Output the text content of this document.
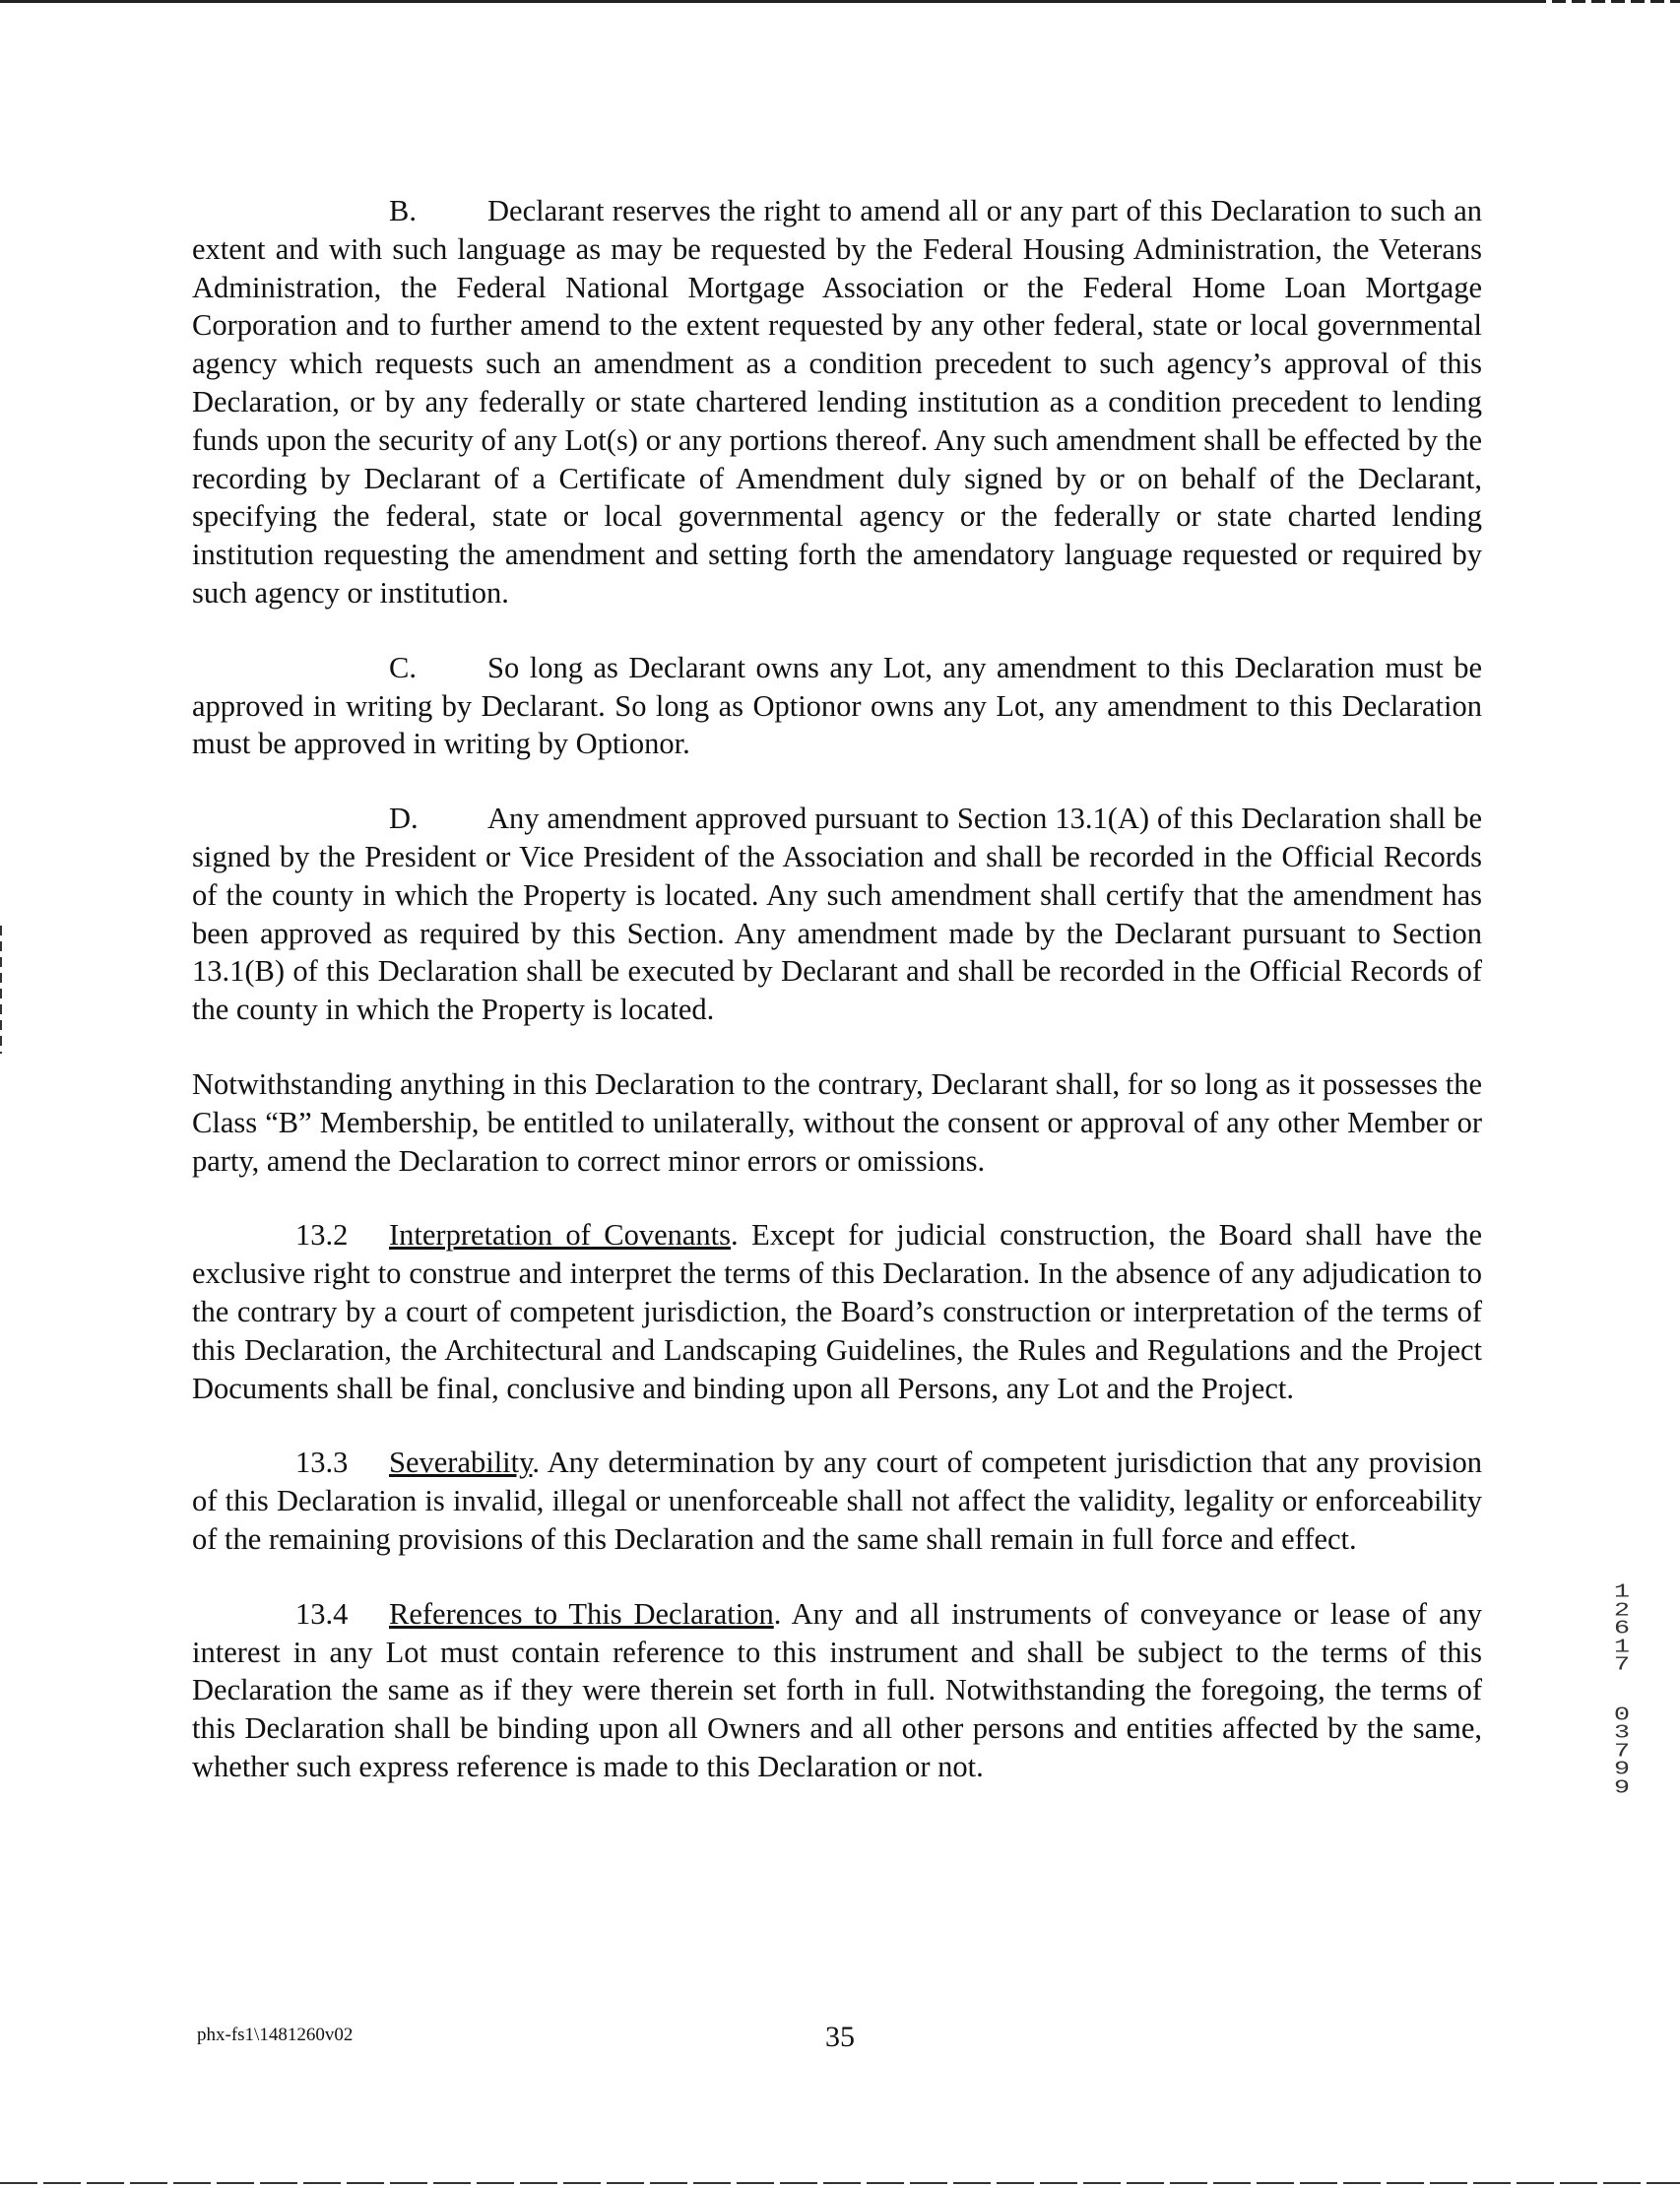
B. Declarant reserves the right to amend all or any part of this Declaration to such an extent and with such language as may be requested by the Federal Housing Administration, the Veterans Administration, the Federal National Mortgage Association or the Federal Home Loan Mortgage Corporation and to further amend to the extent requested by any other federal, state or local governmental agency which requests such an amendment as a condition precedent to such agency’s approval of this Declaration, or by any federally or state chartered lending institution as a condition precedent to lending funds upon the security of any Lot(s) or any portions thereof. Any such amendment shall be effected by the recording by Declarant of a Certificate of Amendment duly signed by or on behalf of the Declarant, specifying the federal, state or local governmental agency or the federally or state charted lending institution requesting the amendment and setting forth the amendatory language requested or required by such agency or institution.

C. So long as Declarant owns any Lot, any amendment to this Declaration must be approved in writing by Declarant. So long as Optionor owns any Lot, any amendment to this Declaration must be approved in writing by Optionor.

D. Any amendment approved pursuant to Section 13.1(A) of this Declaration shall be signed by the President or Vice President of the Association and shall be recorded in the Official Records of the county in which the Property is located. Any such amendment shall certify that the amendment has been approved as required by this Section. Any amendment made by the Declarant pursuant to Section 13.1(B) of this Declaration shall be executed by Declarant and shall be recorded in the Official Records of the county in which the Property is located.

Notwithstanding anything in this Declaration to the contrary, Declarant shall, for so long as it possesses the Class “B” Membership, be entitled to unilaterally, without the consent or approval of any other Member or party, amend the Declaration to correct minor errors or omissions.

13.2 Interpretation of Covenants. Except for judicial construction, the Board shall have the exclusive right to construe and interpret the terms of this Declaration. In the absence of any adjudication to the contrary by a court of competent jurisdiction, the Board’s construction or interpretation of the terms of this Declaration, the Architectural and Landscaping Guidelines, the Rules and Regulations and the Project Documents shall be final, conclusive and binding upon all Persons, any Lot and the Project.

13.3 Severability. Any determination by any court of competent jurisdiction that any provision of this Declaration is invalid, illegal or unenforceable shall not affect the validity, legality or enforceability of the remaining provisions of this Declaration and the same shall remain in full force and effect.

13.4 References to This Declaration. Any and all instruments of conveyance or lease of any interest in any Lot must contain reference to this instrument and shall be subject to the terms of this Declaration the same as if they were therein set forth in full. Notwithstanding the foregoing, the terms of this Declaration shall be binding upon all Owners and all other persons and entities affected by the same, whether such express reference is made to this Declaration or not.

1
2
6
1
7
0
3
7
9
9
phx-fs1\1481260v02	35
